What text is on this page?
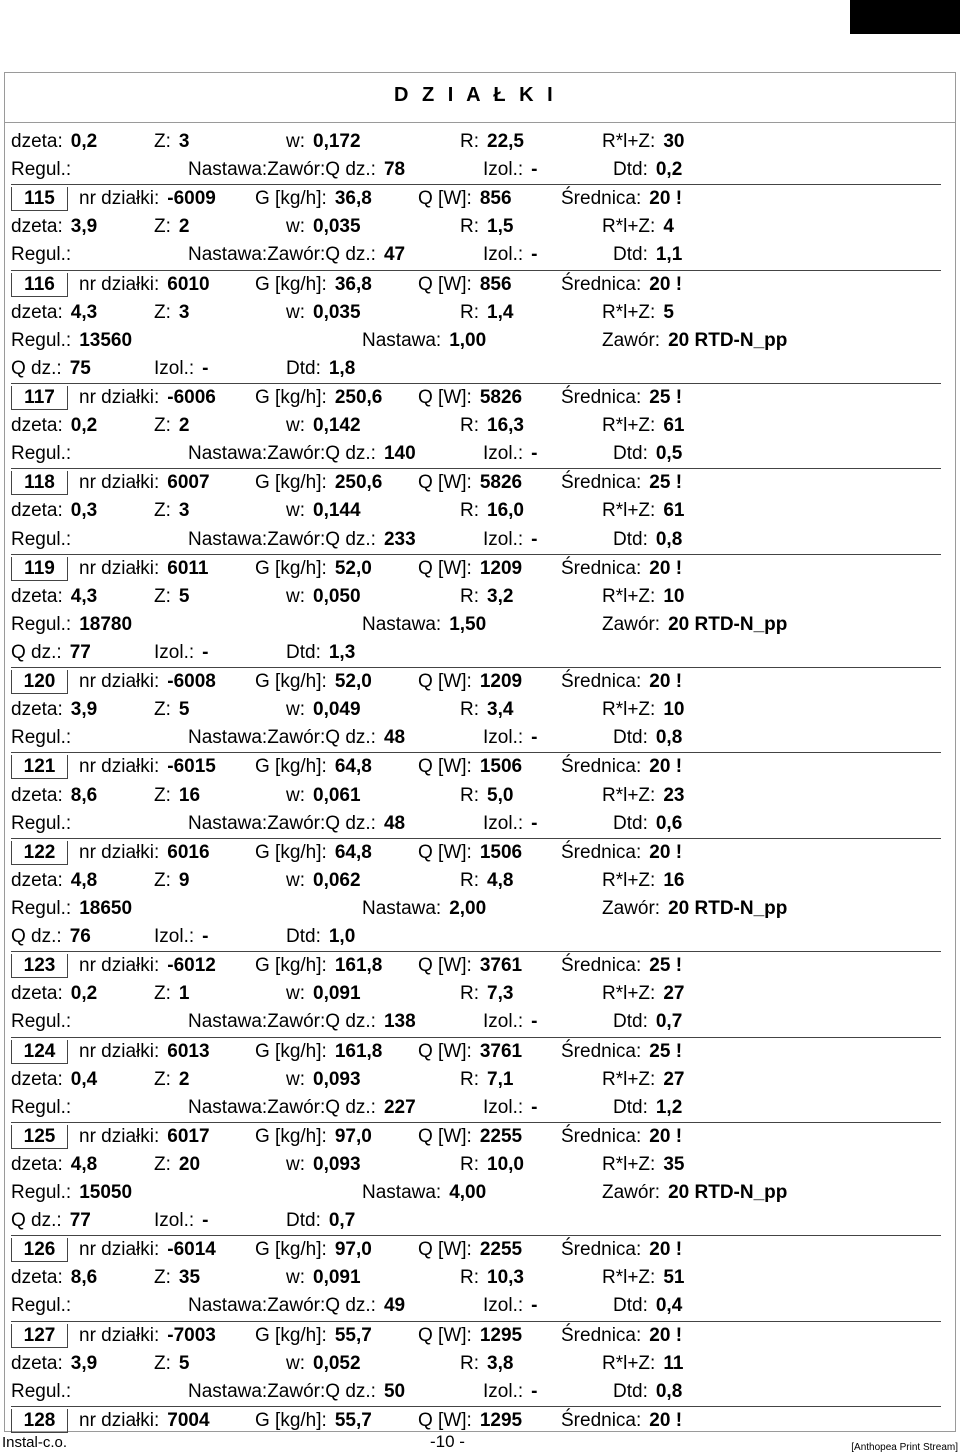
D Z I A Ł K I
dzeta: 0,2	Z: 3	w: 0,172	R: 22,5	R*l+Z: 30
Regul.:	Nastawa:Zawór:Q dz.: 78	Izol.: -	Dtd: 0,2
115	nr działki: -6009 G [kg/h]: 36,8 Q [W]: 856	Średnica: 20 !
dzeta: 3,9	Z: 2	w: 0,035	R: 1,5	R*l+Z: 4
Regul.:	Nastawa:Zawór:Q dz.: 47	Izol.: -	Dtd: 1,1
116	nr działki: 6010 G [kg/h]: 36,8 Q [W]: 856	Średnica: 20 !
dzeta: 4,3	Z: 3	w: 0,035	R: 1,4	R*l+Z: 5
Regul.: 13560	Nastawa: 1,00	Zawór: 20 RTD-N_pp
Q dz.: 75	Izol.: -	Dtd: 1,8
117	nr działki: -6006 G [kg/h]: 250,6 Q [W]: 5826 Średnica: 25 !
dzeta: 0,2	Z: 2	w: 0,142	R: 16,3	R*l+Z: 61
Regul.:	Nastawa:Zawór:Q dz.: 140	Izol.: -	Dtd: 0,5
118	nr działki: 6007 G [kg/h]: 250,6 Q [W]: 5826 Średnica: 25 !
dzeta: 0,3	Z: 3	w: 0,144	R: 16,0	R*l+Z: 61
Regul.:	Nastawa:Zawór:Q dz.: 233	Izol.: -	Dtd: 0,8
119	nr działki: 6011 G [kg/h]: 52,0 Q [W]: 1209 Średnica: 20 !
dzeta: 4,3	Z: 5	w: 0,050	R: 3,2	R*l+Z: 10
Regul.: 18780	Nastawa: 1,50	Zawór: 20 RTD-N_pp
Q dz.: 77	Izol.: -	Dtd: 1,3
120	nr działki: -6008 G [kg/h]: 52,0 Q [W]: 1209 Średnica: 20 !
dzeta: 3,9	Z: 5	w: 0,049	R: 3,4	R*l+Z: 10
Regul.:	Nastawa:Zawór:Q dz.: 48	Izol.: -	Dtd: 0,8
121	nr działki: -6015 G [kg/h]: 64,8 Q [W]: 1506 Średnica: 20 !
dzeta: 8,6	Z: 16	w: 0,061	R: 5,0	R*l+Z: 23
Regul.:	Nastawa:Zawór:Q dz.: 48	Izol.: -	Dtd: 0,6
122	nr działki: 6016 G [kg/h]: 64,8 Q [W]: 1506 Średnica: 20 !
dzeta: 4,8	Z: 9	w: 0,062	R: 4,8	R*l+Z: 16
Regul.: 18650	Nastawa: 2,00	Zawór: 20 RTD-N_pp
Q dz.: 76	Izol.: -	Dtd: 1,0
123	nr działki: -6012 G [kg/h]: 161,8 Q [W]: 3761 Średnica: 25 !
dzeta: 0,2	Z: 1	w: 0,091	R: 7,3	R*l+Z: 27
Regul.:	Nastawa:Zawór:Q dz.: 138	Izol.: -	Dtd: 0,7
124	nr działki: 6013 G [kg/h]: 161,8 Q [W]: 3761 Średnica: 25 !
dzeta: 0,4	Z: 2	w: 0,093	R: 7,1	R*l+Z: 27
Regul.:	Nastawa:Zawór:Q dz.: 227	Izol.: -	Dtd: 1,2
125	nr działki: 6017 G [kg/h]: 97,0 Q [W]: 2255 Średnica: 20 !
dzeta: 4,8	Z: 20	w: 0,093	R: 10,0	R*l+Z: 35
Regul.: 15050	Nastawa: 4,00	Zawór: 20 RTD-N_pp
Q dz.: 77	Izol.: -	Dtd: 0,7
126	nr działki: -6014 G [kg/h]: 97,0 Q [W]: 2255 Średnica: 20 !
dzeta: 8,6	Z: 35	w: 0,091	R: 10,3	R*l+Z: 51
Regul.:	Nastawa:Zawór:Q dz.: 49	Izol.: -	Dtd: 0,4
127	nr działki: -7003 G [kg/h]: 55,7 Q [W]: 1295 Średnica: 20 !
dzeta: 3,9	Z: 5	w: 0,052	R: 3,8	R*l+Z: 11
Regul.:	Nastawa:Zawór:Q dz.: 50	Izol.: -	Dtd: 0,8
128	nr działki: 7004 G [kg/h]: 55,7 Q [W]: 1295 Średnica: 20 !
Instal-c.o.	-10 -	[Anthopea Print Stream]
